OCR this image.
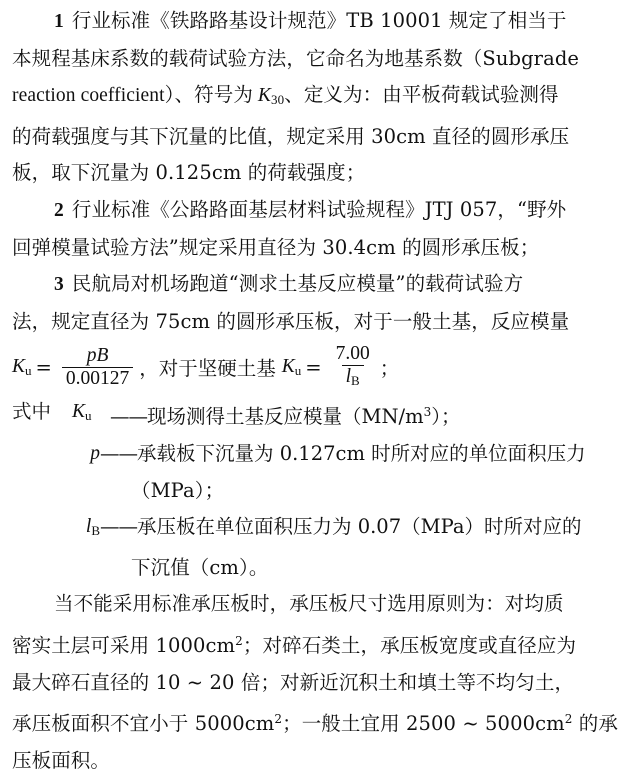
1 行业标准《铁路路基设计规范》TB 10001 规定了相当于
本规程基床系数的载荷试验方法，它命名为地基系数（Subgrade
reaction coefficient）、符号为 $K_{30}$、定义为：由平板荷载试验测得
的荷载强度与其下沉量的比值，规定采用 30cm 直径的圆形承压
板，取下沉量为 0.125cm 的荷载强度；

2 行业标准《公路路面基层材料试验规程》JTJ 057，“野外
回弹模量试验方法”规定采用直径为 30.4cm 的圆形承压板；

3 民航局对机场跑道“测求土基反应模量”的载荷试验方
法，规定直径为 75cm 的圆形承压板，对于一般土基，反应模量

$K_u = \frac{pB}{0.00127}$ ，对于坚硬土基 $K_u = \frac{7.00}{l_B}$ ；
式中	$K_u$ ——现场测得土基反应模量$(MN/m^3)$；
p ——承载板下沉量为 0.127cm 时所对应的单位面积压力
（MPa）；
$l_B$ ——承压板在单位面积压力为 0.07（MPa）时所对应的
下沉值（cm）。

当不能采用标准承压板时，承压板尺寸选用原则为：对均质
密实土层可采用 $1000cm^2$；对碎石类土，承压板宽度或直径应为
最大碎石直径的 10 ~ 20 倍；对新近沉积土和填土等不均匀土，
承压板面积不宜小于 $5000cm^2$；一般土宜用 2500 ~ $5000cm^2$ 的承
压板面积。
